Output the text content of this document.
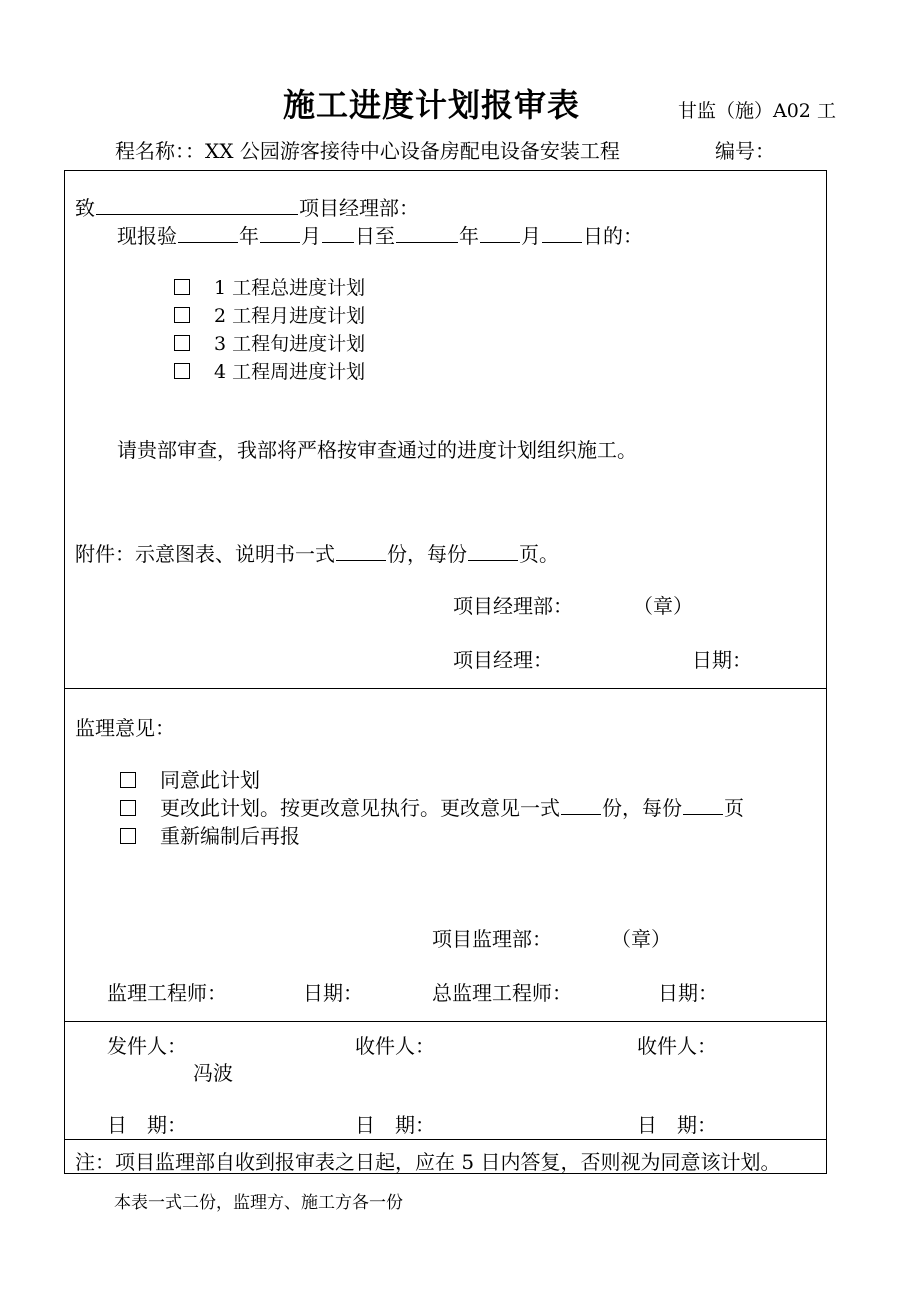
施工进度计划报审表	甘监（施）A02 工
程名称：：XX 公园游客接待中心设备房配电设备安装工程	编号：
致	项目经理部：
现报验	年 月 日至	年 月 日的：
1 工程总进度计划
2 工程月进度计划
3 工程旬进度计划
4 工程周进度计划
请贵部审查，我部将严格按审查通过的进度计划组织施工。
附件：示意图表、说明书一式	份，每份	页。
项目经理部：	（章）
项目经理：	日期：
监理意见：
同意此计划
更改此计划。按更改意见执行。更改意见一式 份，每份 页
重新编制后再报
项目监理部：	（章）
监理工程师：	日期：	总监理工程师：	日期：
发件人：	收件人：	收件人：
冯波
日　期：	日　期：	日　期：
注：项目监理部自收到报审表之日起，应在 5 日内答复，否则视为同意该计划。
本表一式二份，监理方、施工方各一份
